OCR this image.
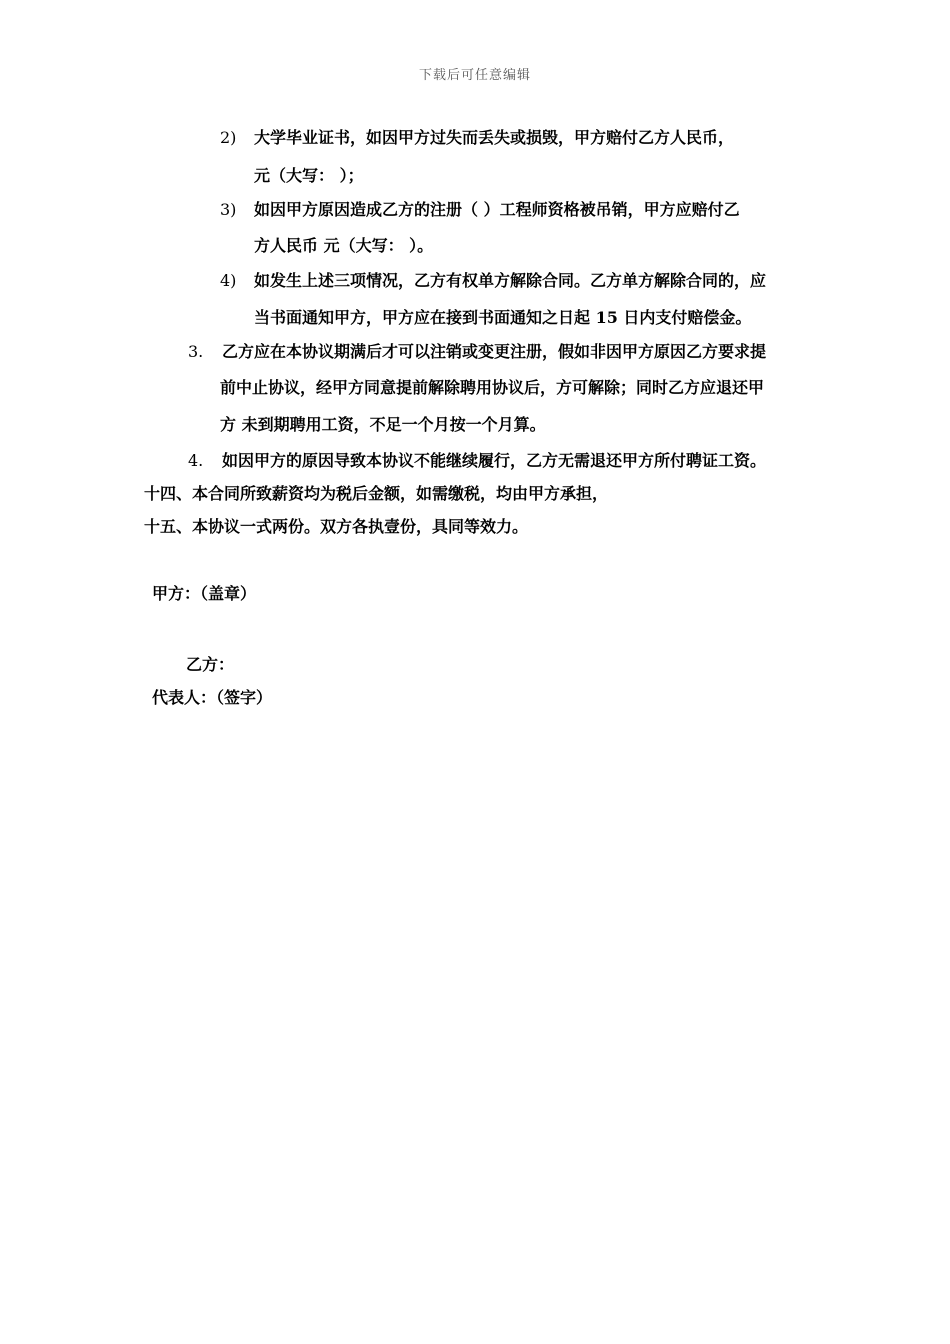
下载后可任意编辑
2) 大学毕业证书，如因甲方过失而丢失或损毁，甲方赔付乙方人民币，
元（大写： ）；
3) 如因甲方原因造成乙方的注册（ ）工程师资格被吊销，甲方应赔付乙
方人民币 元（大写： ）。
4) 如发生上述三项情况，乙方有权单方解除合同。乙方单方解除合同的，应
当书面通知甲方，甲方应在接到书面通知之日起 15 日内支付赔偿金。
3. 乙方应在本协议期满后才可以注销或变更注册，假如非因甲方原因乙方要求提
前中止协议，经甲方同意提前解除聘用协议后，方可解除；同时乙方应退还甲
方 未到期聘用工资，不足一个月按一个月算。
4. 如因甲方的原因导致本协议不能继续履行，乙方无需退还甲方所付聘证工资。
十四、本合同所致薪资均为税后金额，如需缴税，均由甲方承担，
十五、本协议一式两份。双方各执壹份，具同等效力。
甲方：（盖章）
乙方：
代表人：（签字）
